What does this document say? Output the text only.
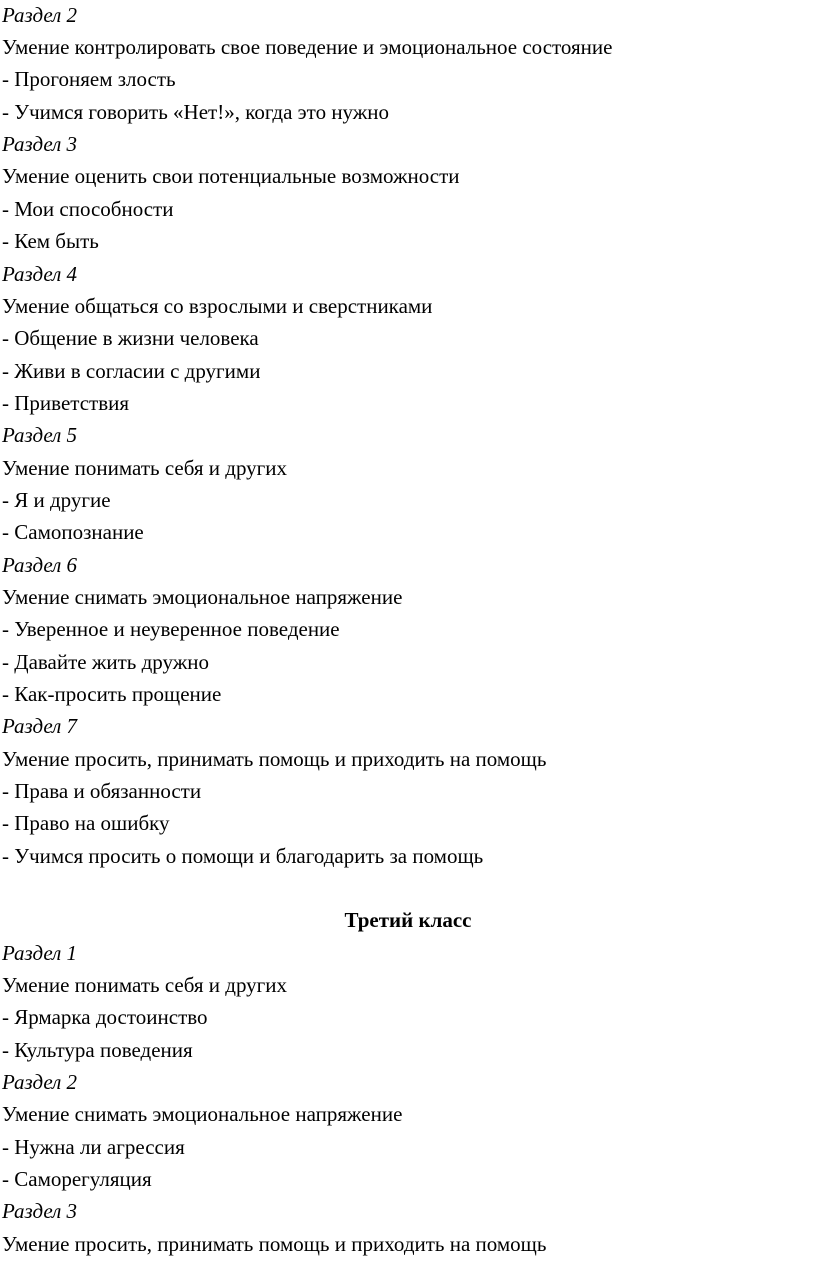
Раздел 2
Умение контролировать свое поведение и эмоциональное состояние
- Прогоняем злость
- Учимся говорить «Нет!», когда это нужно
Раздел 3
Умение оценить свои потенциальные возможности
- Мои способности
- Кем быть
Раздел 4
Умение общаться со взрослыми и сверстниками
- Общение в жизни человека
- Живи в согласии с другими
- Приветствия
Раздел 5
Умение понимать себя и других
- Я и другие
- Самопознание
Раздел 6
Умение снимать эмоциональное напряжение
- Уверенное и неуверенное поведение
- Давайте жить дружно
- Как-просить прощение
Раздел 7
Умение просить, принимать помощь и приходить на помощь
- Права и обязанности
- Право на ошибку
- Учимся просить о помощи и благодарить за помощь
Третий класс
Раздел 1
Умение понимать себя и других
- Ярмарка достоинство
- Культура поведения
Раздел 2
Умение снимать эмоциональное напряжение
- Нужна ли агрессия
- Саморегуляция
Раздел 3
Умение просить, принимать помощь и приходить на помощь
